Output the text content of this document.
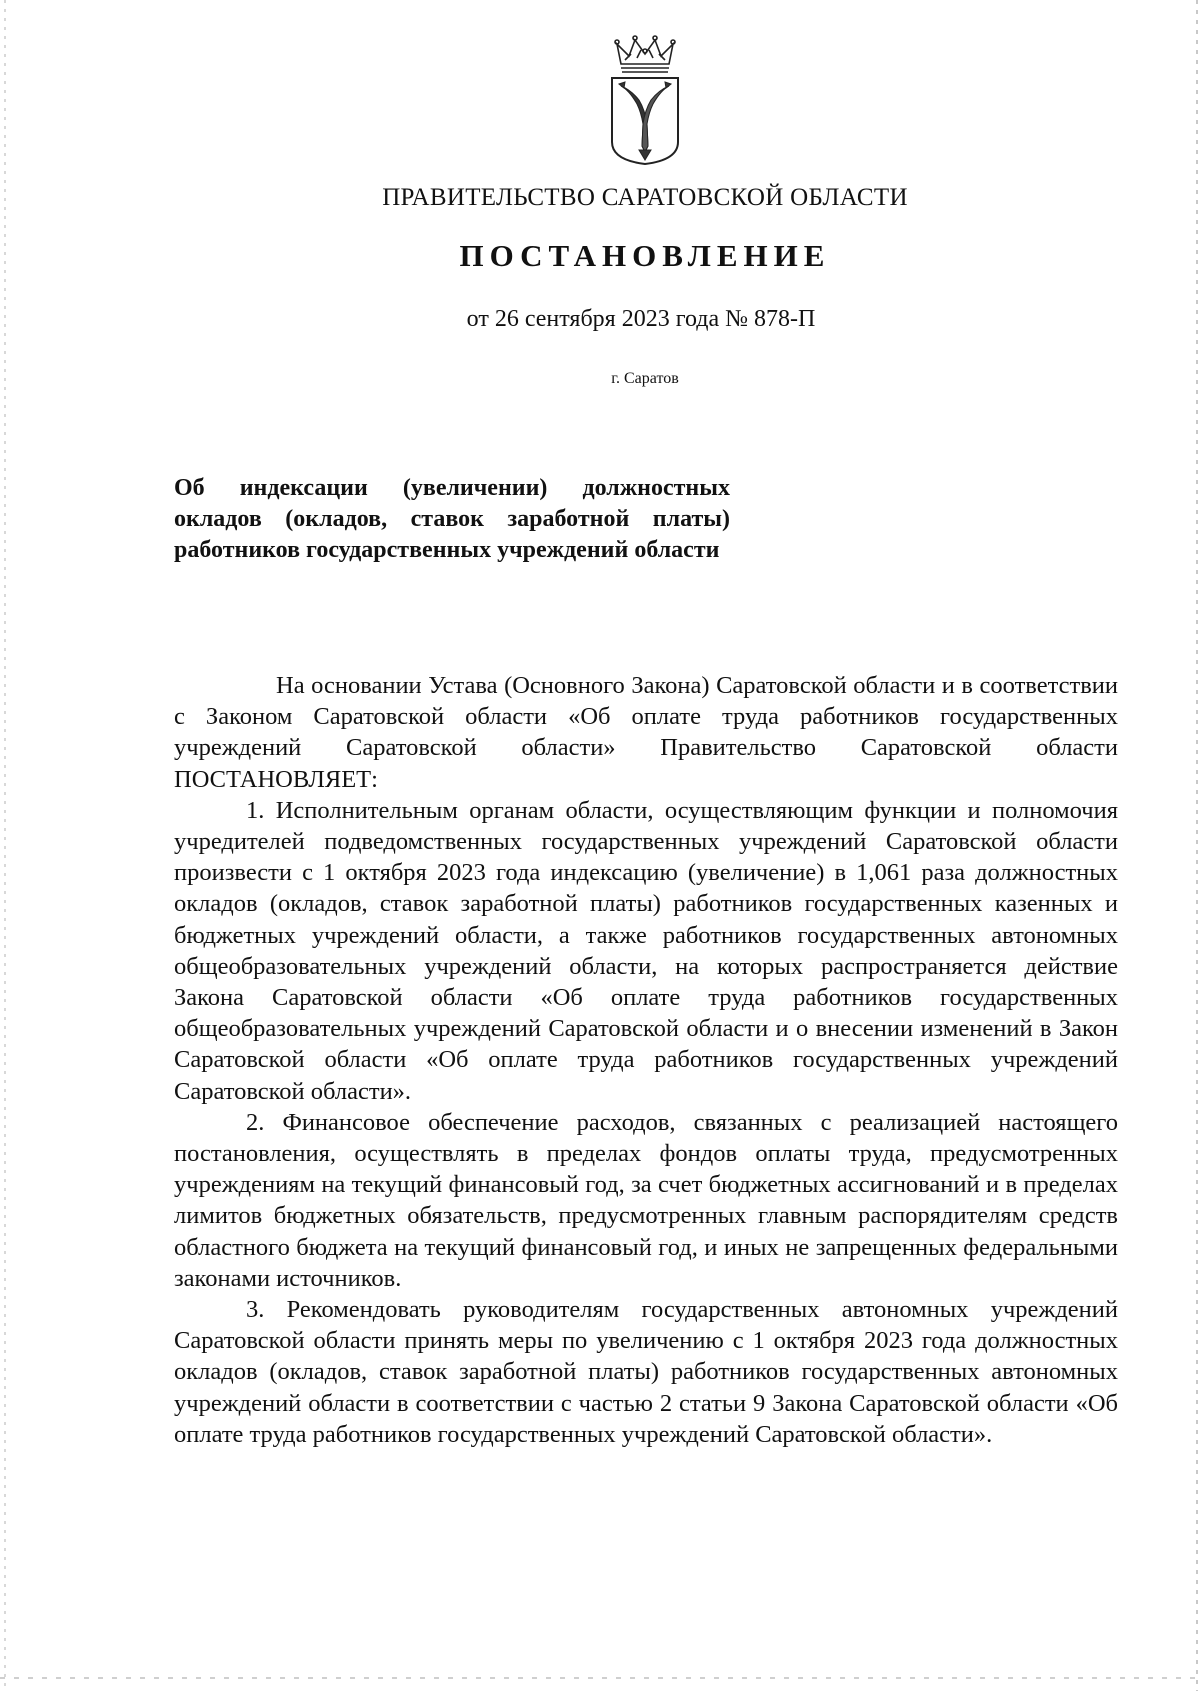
ПРАВИТЕЛЬСТВО САРАТОВСКОЙ ОБЛАСТИ
ПОСТАНОВЛЕНИЕ
от 26 сентября 2023 года № 878-П
г. Саратов
Об индексации (увеличении) должностных окладов (окладов, ставок заработной платы) работников государственных учреждений области

На основании Устава (Основного Закона) Саратовской области и в соответствии с Законом Саратовской области «Об оплате труда работников государственных учреждений Саратовской области» Правительство Саратовской области ПОСТАНОВЛЯЕТ:

1. Исполнительным органам области, осуществляющим функции и полномочия учредителей подведомственных государственных учреждений Саратовской области произвести с 1 октября 2023 года индексацию (увеличение) в 1,061 раза должностных окладов (окладов, ставок заработной платы) работников государственных казенных и бюджетных учреждений области, а также работников государственных автономных общеобразовательных учреждений области, на которых распространяется действие Закона Саратовской области «Об оплате труда работников государственных общеобразовательных учреждений Саратовской области и о внесении изменений в Закон Саратовской области «Об оплате труда работников государственных учреждений Саратовской области».

2. Финансовое обеспечение расходов, связанных с реализацией настоящего постановления, осуществлять в пределах фондов оплаты труда, предусмотренных учреждениям на текущий финансовый год, за счет бюджетных ассигнований и в пределах лимитов бюджетных обязательств, предусмотренных главным распорядителям средств областного бюджета на текущий финансовый год, и иных не запрещенных федеральными законами источников.

3. Рекомендовать руководителям государственных автономных учреждений Саратовской области принять меры по увеличению с 1 октября 2023 года должностных окладов (окладов, ставок заработной платы) работников государственных автономных учреждений области в соответствии с частью 2 статьи 9 Закона Саратовской области «Об оплате труда работников государственных учреждений Саратовской области».
